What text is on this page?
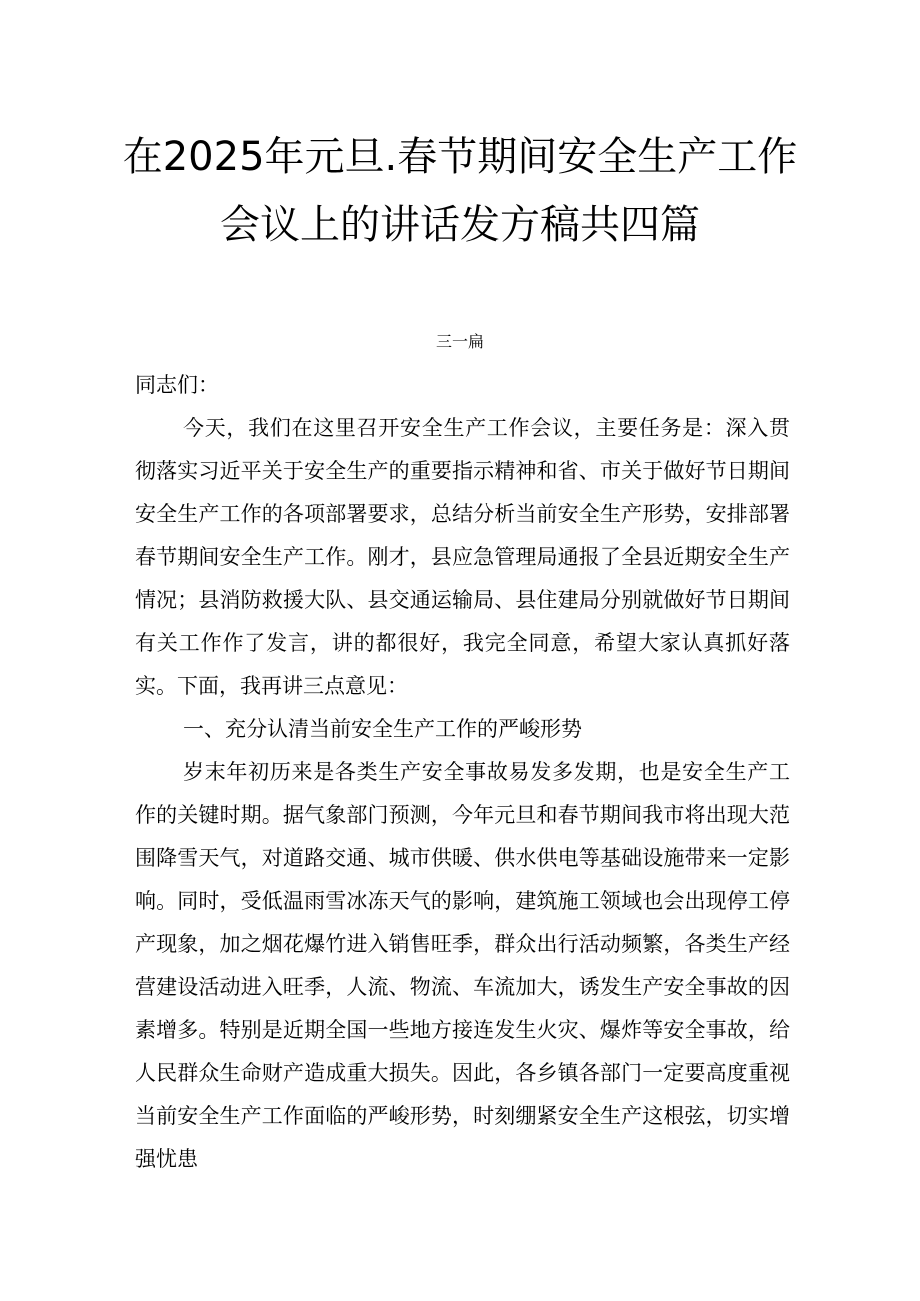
在2025年元旦.春节期间安全生产工作
会议上的讲话发方稿共四篇
三一扁

同志们：

今天，我们在这里召开安全生产工作会议，主要任务是：深入贯彻落实习近平关于安全生产的重要指示精神和省、市关于做好节日期间安全生产工作的各项部署要求，总结分析当前安全生产形势，安排部署春节期间安全生产工作。刚才，县应急管理局通报了全县近期安全生产情况；县消防救援大队、县交通运输局、县住建局分别就做好节日期间有关工作作了发言，讲的都很好，我完全同意，希望大家认真抓好落实。下面，我再讲三点意见：

一、充分认清当前安全生产工作的严峻形势

岁末年初历来是各类生产安全事故易发多发期，也是安全生产工作的关键时期。据气象部门预测，今年元旦和春节期间我市将出现大范围降雪天气，对道路交通、城市供暖、供水供电等基础设施带来一定影响。同时，受低温雨雪冰冻天气的影响，建筑施工领域也会出现停工停产现象，加之烟花爆竹进入销售旺季，群众出行活动频繁，各类生产经营建设活动进入旺季，人流、物流、车流加大，诱发生产安全事故的因素增多。特别是近期全国一些地方接连发生火灾、爆炸等安全事故，给人民群众生命财产造成重大损失。因此，各乡镇各部门一定要高度重视当前安全生产工作面临的严峻形势，时刻绷紧安全生产这根弦，切实增强忧患
